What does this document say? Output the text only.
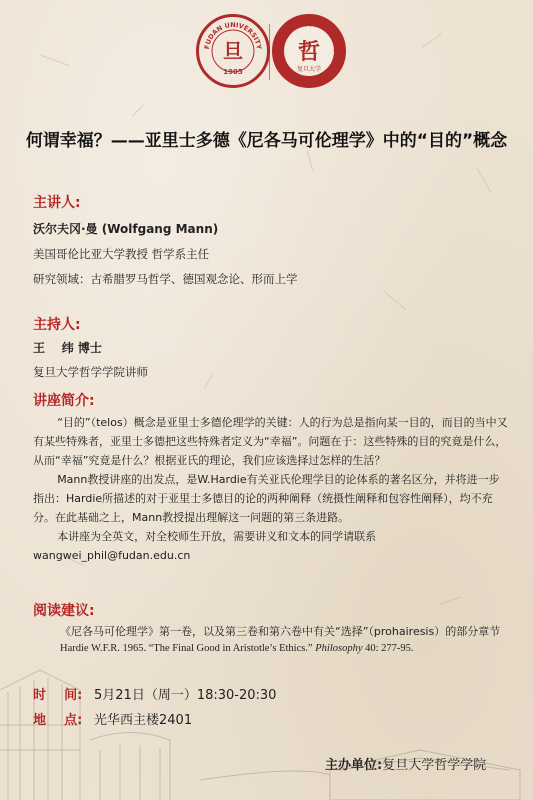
FUDAN UNIVERSITY
旦
1905
School of Philosophy Fudan University
哲
复旦大学
何谓幸福？——亚里士多德《尼各马可伦理学》中的“目的”概念
主讲人:
沃尔夫冈·曼 (Wolfgang Mann)
美国哥伦比亚大学教授 哲学系主任
研究领域：古希腊罗马哲学、德国观念论、形而上学
主持人:
王    纬 博士
复旦大学哲学学院讲师
讲座简介:

“目的”（telos）概念是亚里士多德伦理学的关键：人的行为总是指向某一目的，而目的当中又有某些特殊者，亚里士多德把这些特殊者定义为“幸福”。问题在于：这些特殊的目的究竟是什么，从而“幸福”究竟是什么？根据亚氏的理论，我们应该选择过怎样的生活？

Mann教授讲座的出发点，是W.Hardie有关亚氏伦理学目的论体系的著名区分，并将进一步指出：Hardie所描述的对于亚里士多德目的论的两种阐释（统摄性阐释和包容性阐释），均不充分。在此基础之上，Mann教授提出理解这一问题的第三条进路。

本讲座为全英文，对全校师生开放，需要讲义和文本的同学请联系wangwei_phil@fudan.edu.cn

阅读建议:
《尼各马可伦理学》第一卷，以及第三卷和第六卷中有关“选择”（prohairesis）的部分章节
Hardie W.F.R. 1965. “The Final Good in Aristotle’s Ethics.” Philosophy 40: 277-95.
时    间: 5月21日（周一）18:30-20:30
地    点: 光华西主楼2401
主办单位:复旦大学哲学学院
